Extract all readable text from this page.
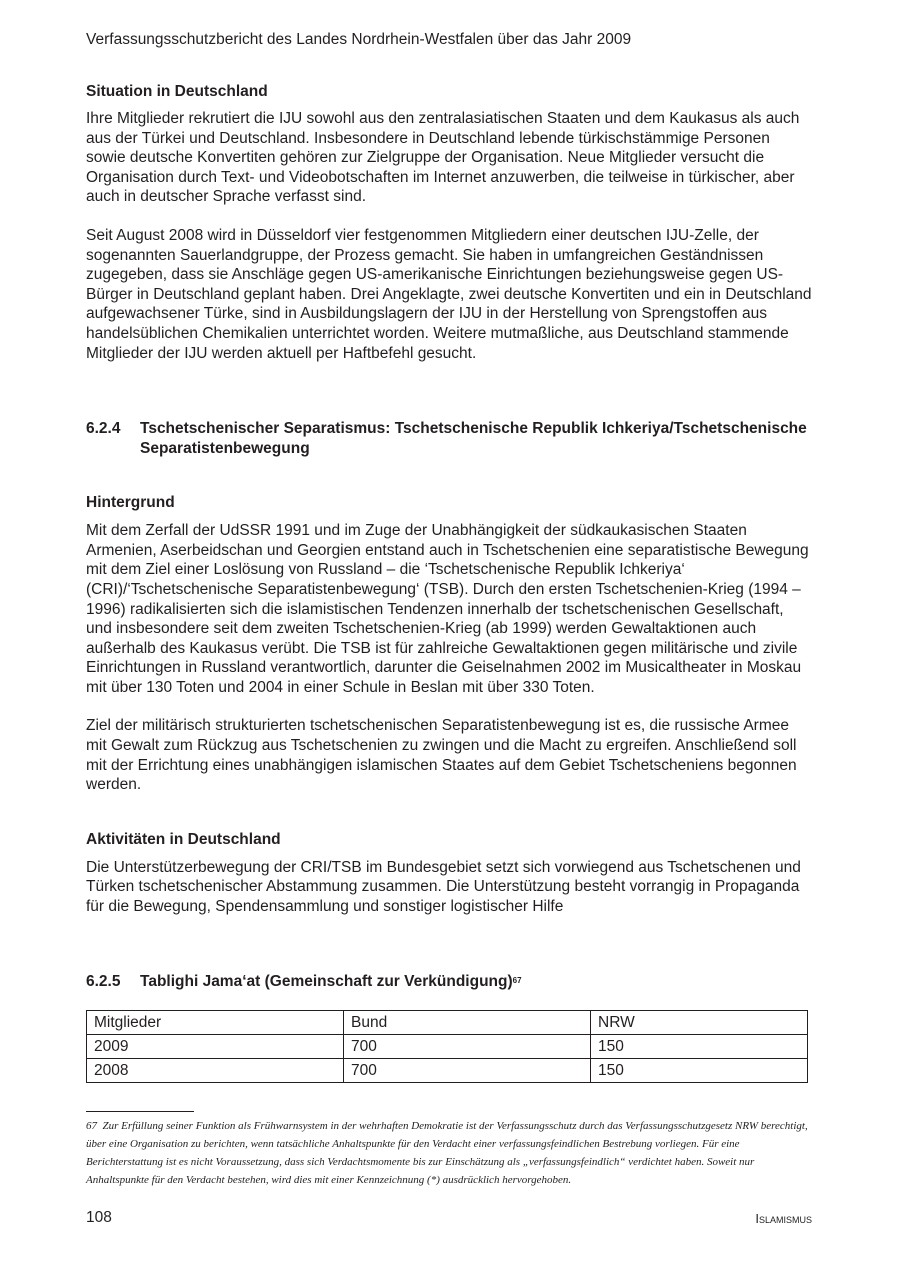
Verfassungsschutzbericht des Landes Nordrhein-Westfalen über das Jahr 2009
Situation in Deutschland

Ihre Mitglieder rekrutiert die IJU sowohl aus den zentralasiatischen Staaten und dem Kaukasus als auch aus der Türkei und Deutschland. Insbesondere in Deutschland lebende türkischstämmige Personen sowie deutsche Konvertiten gehören zur Zielgruppe der Organisation. Neue Mitglieder versucht die Organisation durch Text- und Videobotschaften im Internet anzuwerben, die teilweise in türkischer, aber auch in deutscher Sprache verfasst sind.

Seit August 2008 wird in Düsseldorf vier festgenommen Mitgliedern einer deutschen IJU-Zelle, der sogenannten Sauerlandgruppe, der Prozess gemacht. Sie haben in umfangreichen Geständnissen zugegeben, dass sie Anschläge gegen US-amerikanische Einrichtungen beziehungsweise gegen US-Bürger in Deutschland geplant haben. Drei Angeklagte, zwei deutsche Konvertiten und ein in Deutschland aufgewachsener Türke, sind in Ausbildungslagern der IJU in der Herstellung von Sprengstoffen aus handelsüblichen Chemikalien unterrichtet worden. Weitere mutmaßliche, aus Deutschland stammende Mitglieder der IJU werden aktuell per Haftbefehl gesucht.

6.2.4	Tschetschenischer Separatismus: Tschetschenische Republik Ichkeriya/Tschetschenische Separatistenbewegung
Hintergrund

Mit dem Zerfall der UdSSR 1991 und im Zuge der Unabhängigkeit der südkaukasischen Staaten Armenien, Aserbeidschan und Georgien entstand auch in Tschetschenien eine separatistische Bewegung mit dem Ziel einer Loslösung von Russland – die ‘Tschetschenische Republik Ichkeriya‘ (CRI)/‘Tschetschenische Separatistenbewegung‘ (TSB). Durch den ersten Tschetschenien-Krieg (1994 – 1996) radikalisierten sich die islamistischen Tendenzen innerhalb der tschetschenischen Gesellschaft, und insbesondere seit dem zweiten Tschetschenien-Krieg (ab 1999) werden Gewaltaktionen auch außerhalb des Kaukasus verübt. Die TSB ist für zahlreiche Gewaltaktionen gegen militärische und zivile Einrichtungen in Russland verantwortlich, darunter die Geiselnahmen 2002 im Musicaltheater in Moskau mit über 130 Toten und 2004 in einer Schule in Beslan mit über 330 Toten.

Ziel der militärisch strukturierten tschetschenischen Separatistenbewegung ist es, die russische Armee mit Gewalt zum Rückzug aus Tschetschenien zu zwingen und die Macht zu ergreifen. Anschließend soll mit der Errichtung eines unabhängigen islamischen Staates auf dem Gebiet Tschetscheniens begonnen werden.

Aktivitäten in Deutschland

Die Unterstützerbewegung der CRI/TSB im Bundesgebiet setzt sich vorwiegend aus Tschetschenen und Türken tschetschenischer Abstammung zusammen. Die Unterstützung besteht vorrangig in Propaganda für die Bewegung, Spendensammlung und sonstiger logistischer Hilfe

6.2.5	Tablighi Jama‘at (Gemeinschaft zur Verkündigung)$^{67}$
Mitglieder	Bund	NRW
2009	700	150
2008	700	150
67 Zur Erfüllung seiner Funktion als Frühwarnsystem in der wehrhaften Demokratie ist der Verfassungsschutz durch das Verfassungsschutzgesetz NRW berechtigt, über eine Organisation zu berichten, wenn tatsächliche Anhaltspunkte für den Verdacht einer verfassungsfeindlichen Bestrebung vorliegen. Für eine Berichterstattung ist es nicht Voraussetzung, dass sich Verdachtsmomente bis zur Einschätzung als „verfassungsfeindlich“ verdichtet haben. Soweit nur Anhaltspunkte für den Verdacht bestehen, wird dies mit einer Kennzeichnung (*) ausdrücklich hervorgehoben.
108	Islamismus
